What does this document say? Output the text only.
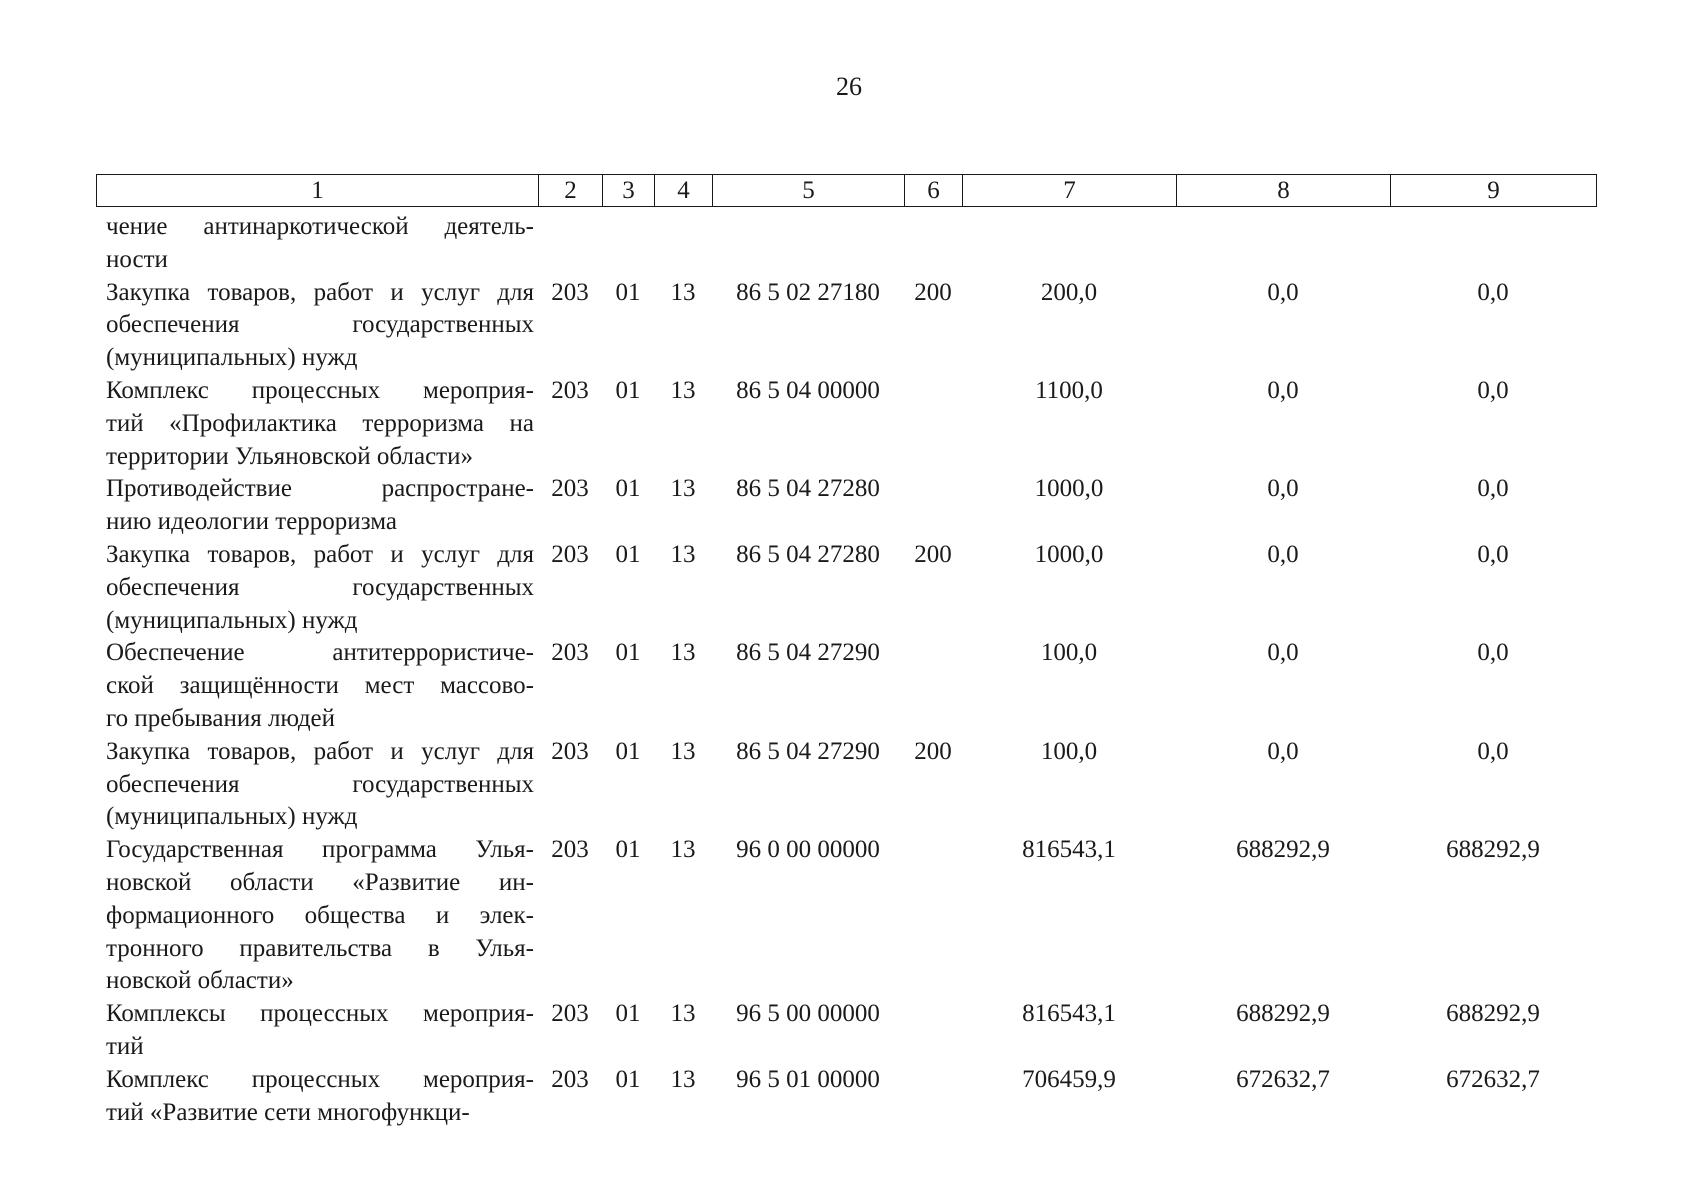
26
1	2	3	4	5	6	7	8	9
чение антинаркотической деятель-
ности								

Закупка товаров, работ и услуг для
обеспечения государственных
(муниципальных) нужд	203	01	13	86 5 02 27180	200	200,0	0,0	0,0

Комплекс процессных мероприя-
тий «Профилактика терроризма на
территории Ульяновской области»	203	01	13	86 5 04 00000		1100,0	0,0	0,0

Противодействие распростране-
нию идеологии терроризма	203	01	13	86 5 04 27280		1000,0	0,0	0,0

Закупка товаров, работ и услуг для
обеспечения государственных
(муниципальных) нужд	203	01	13	86 5 04 27280	200	1000,0	0,0	0,0

Обеспечение антитеррористиче-
ской защищённости мест массово-
го пребывания людей	203	01	13	86 5 04 27290		100,0	0,0	0,0

Закупка товаров, работ и услуг для
обеспечения государственных
(муниципальных) нужд	203	01	13	86 5 04 27290	200	100,0	0,0	0,0

Государственная программа Улья-
новской области «Развитие ин-
формационного общества и элек-
тронного правительства в Улья-
новской области»	203	01	13	96 0 00 00000		816543,1	688292,9	688292,9

Комплексы процессных мероприя-
тий	203	01	13	96 5 00 00000		816543,1	688292,9	688292,9

Комплекс процессных мероприя-
тий «Развитие сети многофункци-	203	01	13	96 5 01 00000		706459,9	672632,7	672632,7
